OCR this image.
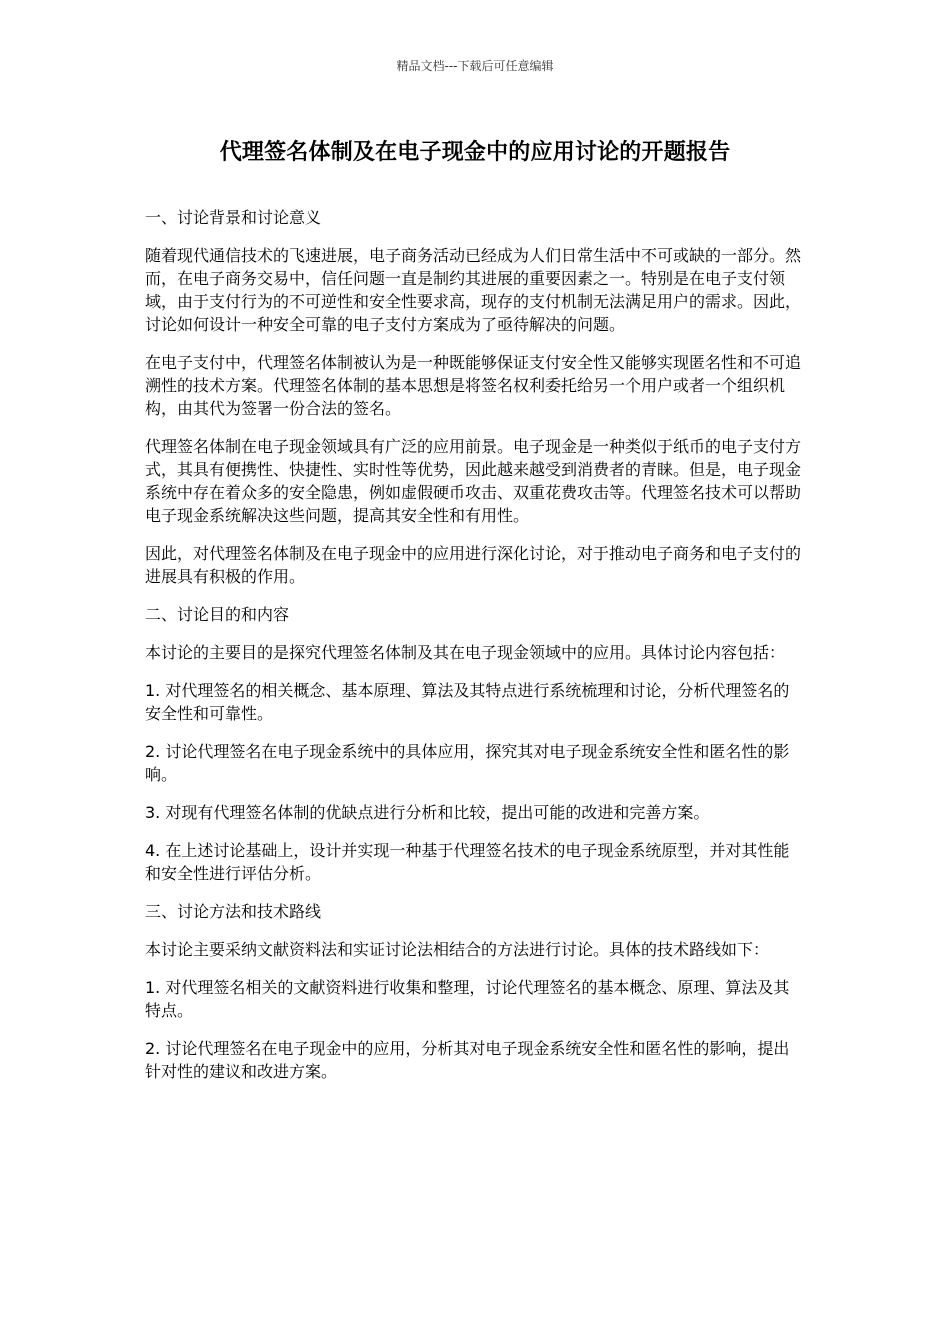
精品文档---下载后可任意编辑
代理签名体制及在电子现金中的应用讨论的开题报告

一、讨论背景和讨论意义

随着现代通信技术的飞速进展，电子商务活动已经成为人们日常生活中不可或缺的一部分。然而，在电子商务交易中，信任问题一直是制约其进展的重要因素之一。特别是在电子支付领域，由于支付行为的不可逆性和安全性要求高，现存的支付机制无法满足用户的需求。因此，讨论如何设计一种安全可靠的电子支付方案成为了亟待解决的问题。

在电子支付中，代理签名体制被认为是一种既能够保证支付安全性又能够实现匿名性和不可追溯性的技术方案。代理签名体制的基本思想是将签名权利委托给另一个用户或者一个组织机构，由其代为签署一份合法的签名。

代理签名体制在电子现金领域具有广泛的应用前景。电子现金是一种类似于纸币的电子支付方式，其具有便携性、快捷性、实时性等优势，因此越来越受到消费者的青睐。但是，电子现金系统中存在着众多的安全隐患，例如虚假硬币攻击、双重花费攻击等。代理签名技术可以帮助电子现金系统解决这些问题，提高其安全性和有用性。

因此，对代理签名体制及在电子现金中的应用进行深化讨论，对于推动电子商务和电子支付的进展具有积极的作用。

二、讨论目的和内容

本讨论的主要目的是探究代理签名体制及其在电子现金领域中的应用。具体讨论内容包括：

1. 对代理签名的相关概念、基本原理、算法及其特点进行系统梳理和讨论，分析代理签名的安全性和可靠性。

2. 讨论代理签名在电子现金系统中的具体应用，探究其对电子现金系统安全性和匿名性的影响。

3. 对现有代理签名体制的优缺点进行分析和比较，提出可能的改进和完善方案。

4. 在上述讨论基础上，设计并实现一种基于代理签名技术的电子现金系统原型，并对其性能和安全性进行评估分析。

三、讨论方法和技术路线

本讨论主要采纳文献资料法和实证讨论法相结合的方法进行讨论。具体的技术路线如下：

1. 对代理签名相关的文献资料进行收集和整理，讨论代理签名的基本概念、原理、算法及其特点。

2. 讨论代理签名在电子现金中的应用，分析其对电子现金系统安全性和匿名性的影响，提出针对性的建议和改进方案。
